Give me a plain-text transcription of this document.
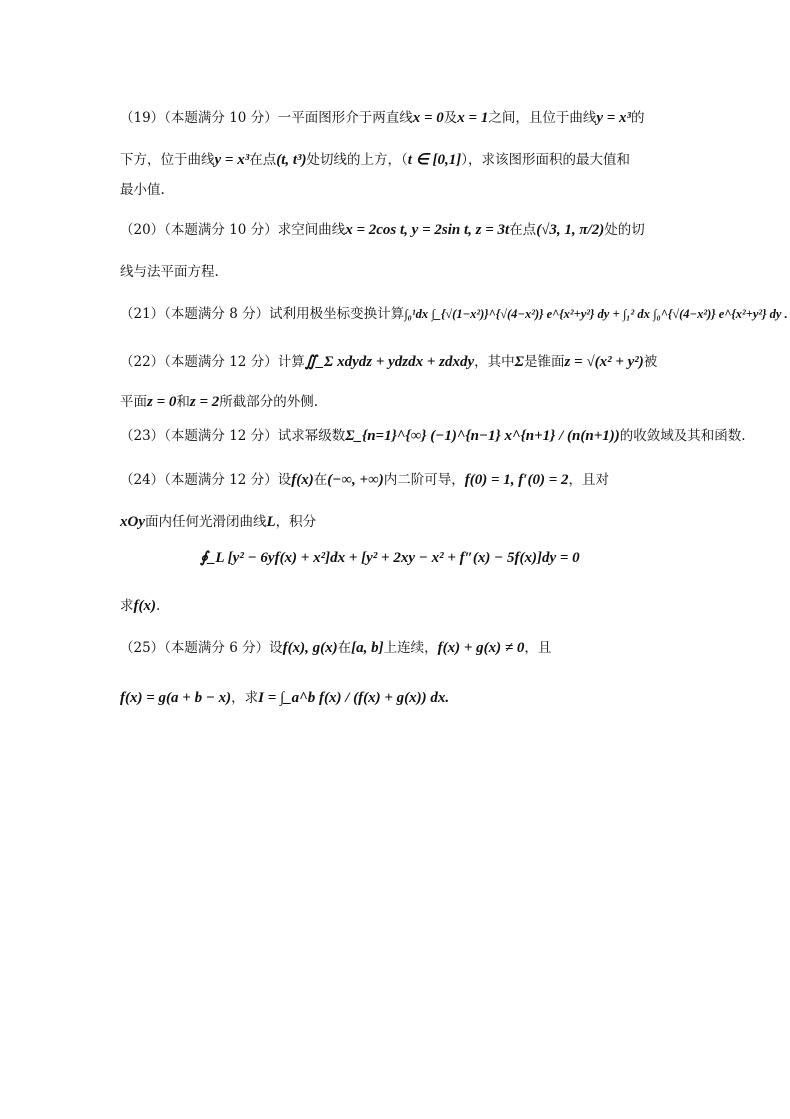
（19）（本题满分 10 分）一平面图形介于两直线x = 0及x = 1之间，且位于曲线y = x³的
下方，位于曲线y = x³在点(t, t³)处切线的上方，（t ∈ [0,1]），求该图形面积的最大值和
最小值.
（20）（本题满分 10 分）求空间曲线x = 2cos t, y = 2sin t, z = 3t在点(√3, 1, π/2)处的切
线与法平面方程.
（21）（本题满分 8 分）试利用极坐标变换计算∫₀¹dx ∫_{√(1−x²)}^{√(4−x²)} e^{x²+y²} dy + ∫₁² dx ∫₀^{√(4−x²)} e^{x²+y²} dy .
（22）（本题满分 12 分）计算∬_Σ xdydz + ydzdx + zdxdy，其中Σ是锥面z = √(x² + y²)被
平面z = 0和z = 2所截部分的外侧.
（23）（本题满分 12 分）试求幂级数Σ_{n=1}^{∞} (−1)^{n−1} x^{n+1} / (n(n+1))的收敛域及其和函数.
（24）（本题满分 12 分）设f(x)在(−∞, +∞)内二阶可导，f(0) = 1, f′(0) = 2，且对
xOy面内任何光滑闭曲线L，积分
∮_L [y² − 6yf(x) + x²]dx + [y² + 2xy − x² + f″(x) − 5f(x)]dy = 0
求f(x).
（25）（本题满分 6 分）设f(x), g(x)在[a, b]上连续，f(x) + g(x) ≠ 0，且
f(x) = g(a + b − x)，求I = ∫_a^b f(x) / (f(x) + g(x)) dx.
